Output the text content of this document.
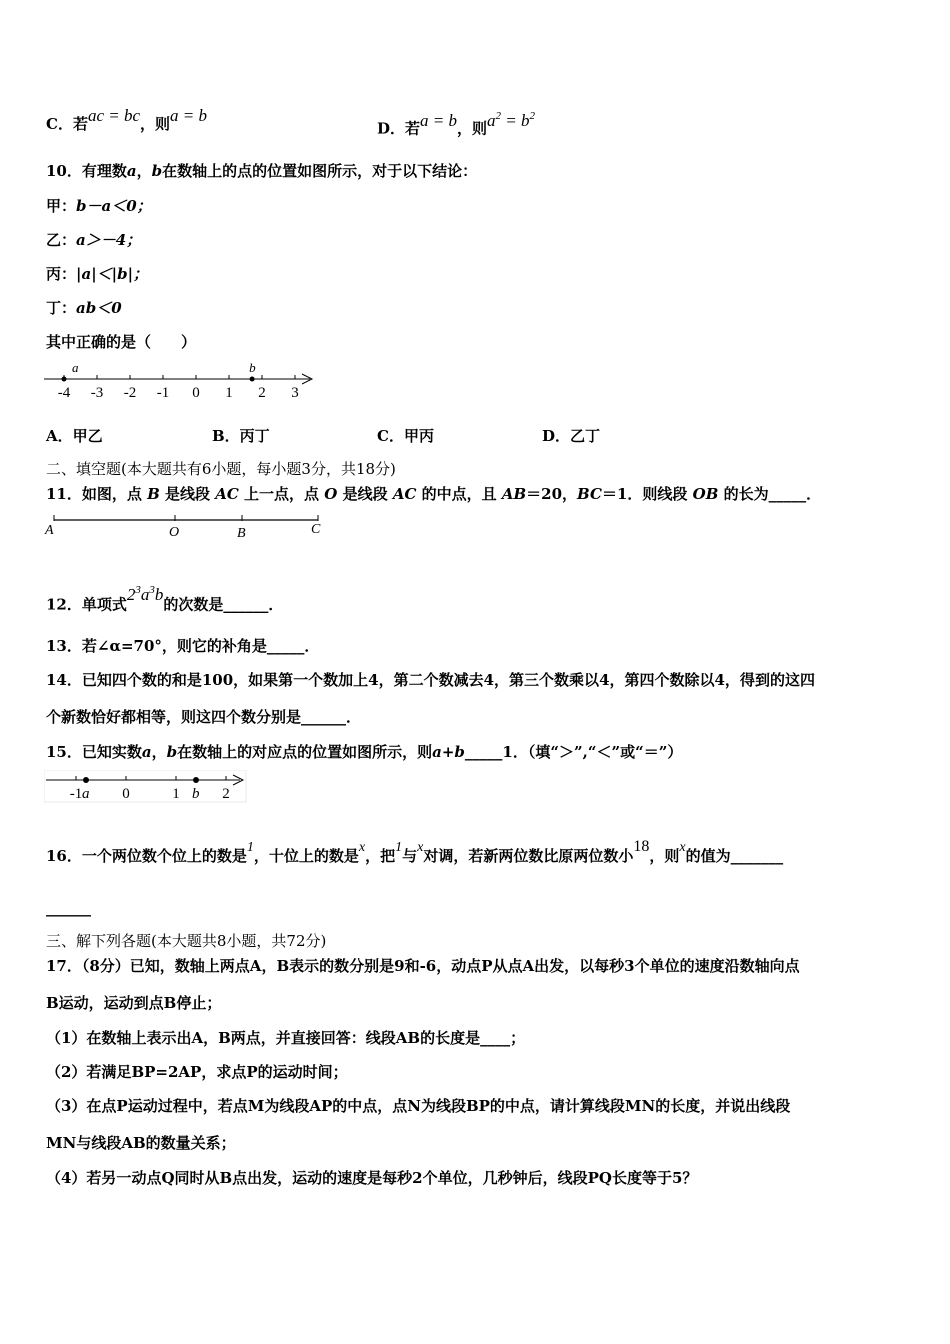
C．若ac = bc，则a = b
D．若a = b，则$a^2 = b^2$
10．有理数a，b在数轴上的点的位置如图所示，对于以下结论：
甲：b－a＜0；
乙：a＞－4；
丙：|a|＜|b|；
丁：ab＜0
其中正确的是（　　）
-4 -3 -2 -1 0 1 2 3
a	b
A．甲乙	B．丙丁	C．甲丙	D．乙丁
二、填空题(本大题共有6小题，每小题3分，共18分)
11．如图，点 B 是线段 AC 上一点，点 O 是线段 AC 的中点，且 AB＝20，BC＝1．则线段 OB 的长为_____．
A	O	B	C
12．单项式$2^3a^3b$的次数是______．
13．若∠α=70°，则它的补角是_____．
14．已知四个数的和是100，如果第一个数加上4，第二个数减去4，第三个数乘以4，第四个数除以4，得到的这四
个新数恰好都相等，则这四个数分别是______．
15．已知实数a，b在数轴上的对应点的位置如图所示，则a+b_____1．（填“＞”,“＜”或“＝”）
-1	0	1	2
a	b
16．一个两位数个位上的数是1，十位上的数是x，把1与x对调，若新两位数比原两位数小18，则x的值为_______
______
三、解下列各题(本大题共8小题，共72分)
17．（8分）已知，数轴上两点A，B表示的数分别是9和-6，动点P从点A出发，以每秒3个单位的速度沿数轴向点
B运动，运动到点B停止；
（1）在数轴上表示出A，B两点，并直接回答：线段AB的长度是____；
（2）若满足BP=2AP，求点P的运动时间；
（3）在点P运动过程中，若点M为线段AP的中点，点N为线段BP的中点，请计算线段MN的长度，并说出线段
MN与线段AB的数量关系；
（4）若另一动点Q同时从B点出发，运动的速度是每秒2个单位，几秒钟后，线段PQ长度等于5？
